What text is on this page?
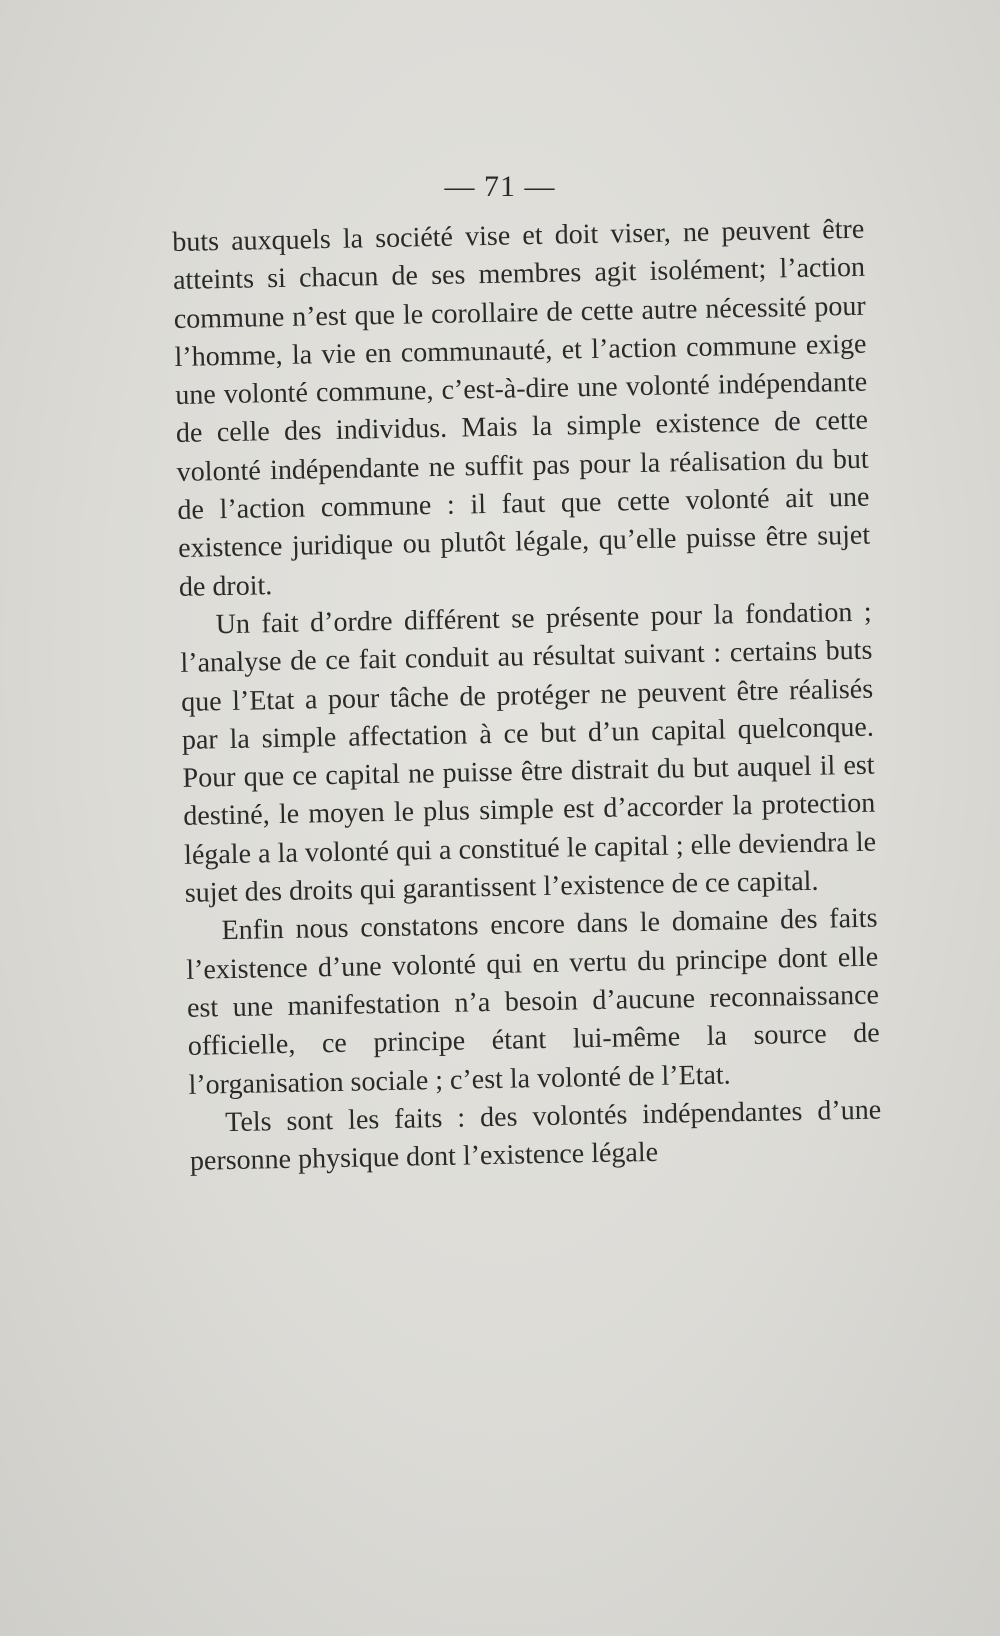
— 71 —

buts auxquels la société vise et doit viser, ne peuvent être atteints si chacun de ses membres agit isolément; l’action commune n’est que le corollaire de cette autre nécessité pour l’homme, la vie en communauté, et l’action commune exige une volonté commune, c’est-à-dire une volonté indépendante de celle des individus. Mais la simple existence de cette volonté indépendante ne suffit pas pour la réalisation du but de l’action commune : il faut que cette volonté ait une existence juridique ou plutôt légale, qu’elle puisse être sujet de droit.

Un fait d’ordre différent se présente pour la fondation ; l’analyse de ce fait conduit au résultat suivant : certains buts que l’Etat a pour tâche de protéger ne peuvent être réalisés par la simple affectation à ce but d’un capital quelconque. Pour que ce capital ne puisse être distrait du but auquel il est destiné, le moyen le plus simple est d’accorder la protection légale a la volonté qui a constitué le capital ; elle deviendra le sujet des droits qui garantissent l’existence de ce capital.

Enfin nous constatons encore dans le domaine des faits l’existence d’une volonté qui en vertu du principe dont elle est une manifestation n’a besoin d’aucune reconnaissance officielle, ce principe étant lui-même la source de l’organisation sociale ; c’est la volonté de l’Etat.

Tels sont les faits : des volontés indépendantes d’une personne physique dont l’existence légale
